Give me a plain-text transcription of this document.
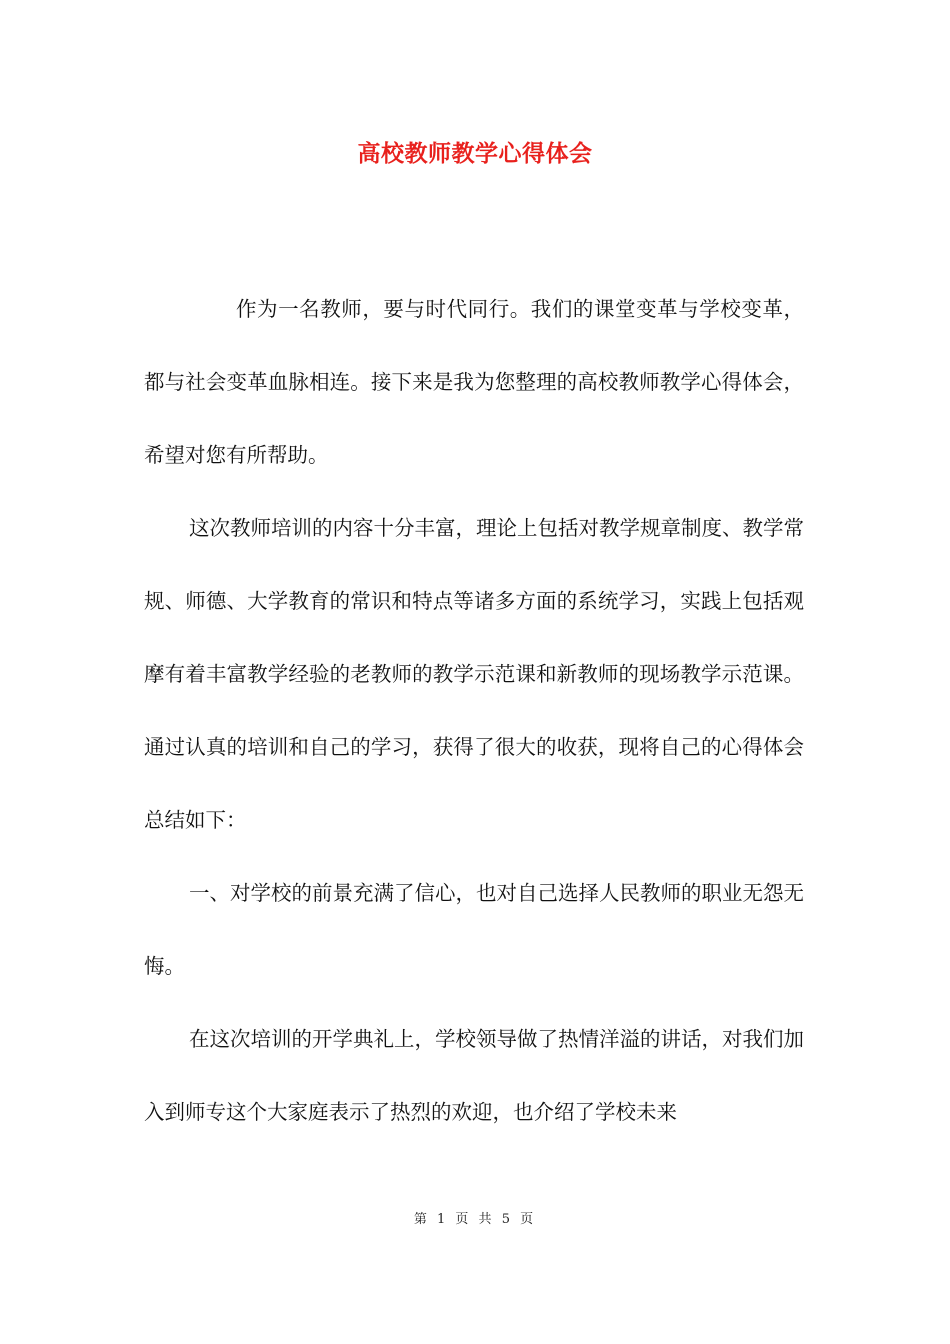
高校教师教学心得体会

作为一名教师，要与时代同行。我们的课堂变革与学校变革，都与社会变革血脉相连。接下来是我为您整理的高校教师教学心得体会，希望对您有所帮助。

这次教师培训的内容十分丰富，理论上包括对教学规章制度、教学常规、师德、大学教育的常识和特点等诸多方面的系统学习，实践上包括观摩有着丰富教学经验的老教师的教学示范课和新教师的现场教学示范课。通过认真的培训和自己的学习，获得了很大的收获，现将自己的心得体会总结如下：

一、对学校的前景充满了信心，也对自己选择人民教师的职业无怨无悔。

在这次培训的开学典礼上，学校领导做了热情洋溢的讲话，对我们加入到师专这个大家庭表示了热烈的欢迎，也介绍了学校未来

第 1 页 共 5 页
